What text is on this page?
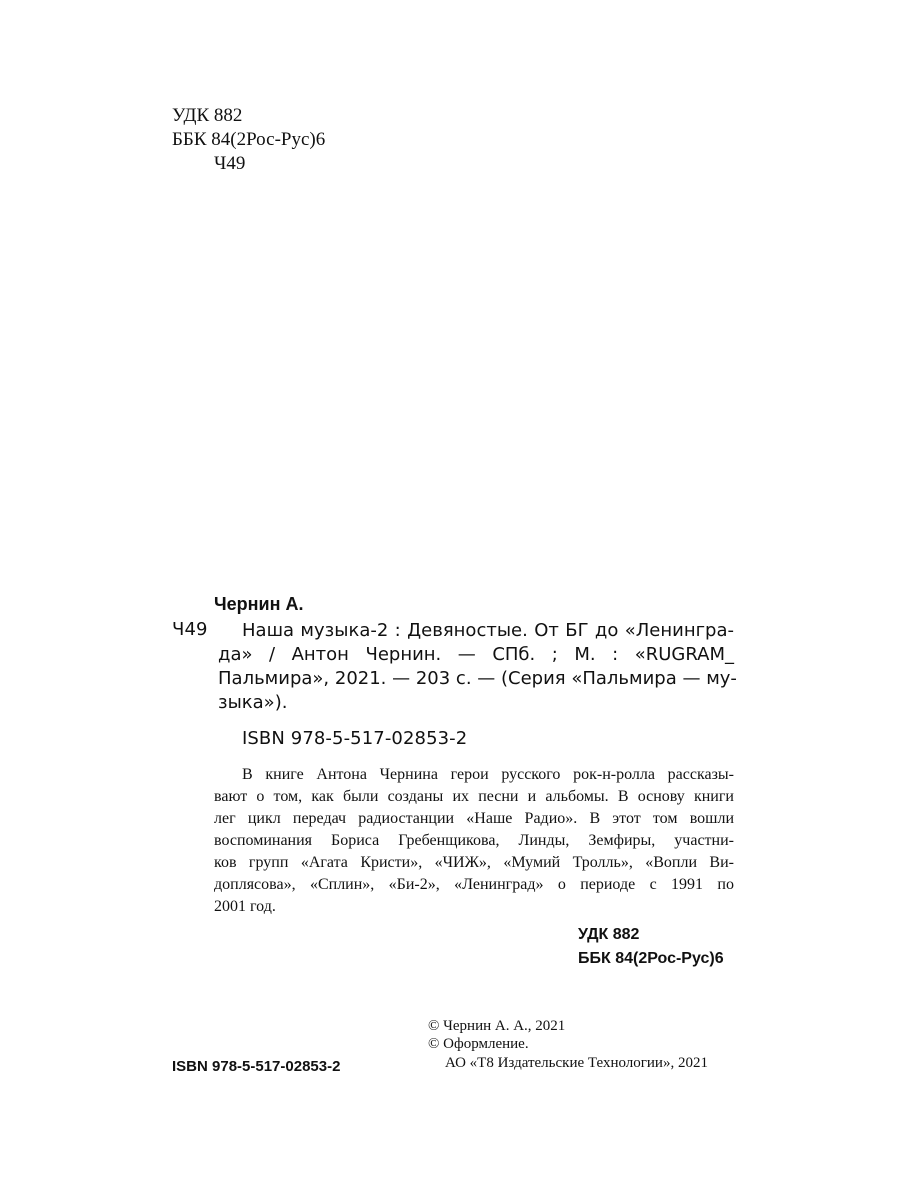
УДК 882
ББК 84(2Рос-Рус)6
Ч49
Чернин А.
Ч49 Наша музыка-2 : Девяностые. От БГ до «Ленингра-
да» / Антон Чернин. — СПб. ; М. : «RUGRAM_
Пальмира», 2021. — 203 с. — (Серия «Пальмира — му-
зыка»).
ISBN 978-5-517-02853-2
В книге Антона Чернина герои русского рок-н-ролла рассказы-
вают о том, как были созданы их песни и альбомы. В основу книги
лег цикл передач радиостанции «Наше Радио». В этот том вошли
воспоминания Бориса Гребенщикова, Линды, Земфиры, участни-
ков групп «Агата Кристи», «ЧИЖ», «Мумий Тролль», «Вопли Ви-
доплясова», «Сплин», «Би-2», «Ленинград» о периоде с 1991 по
2001 год.
УДК 882
ББК 84(2Рос-Рус)6
© Чернин А. А., 2021
© Оформление.
АО «Т8 Издательские Технологии», 2021
ISBN 978-5-517-02853-2
